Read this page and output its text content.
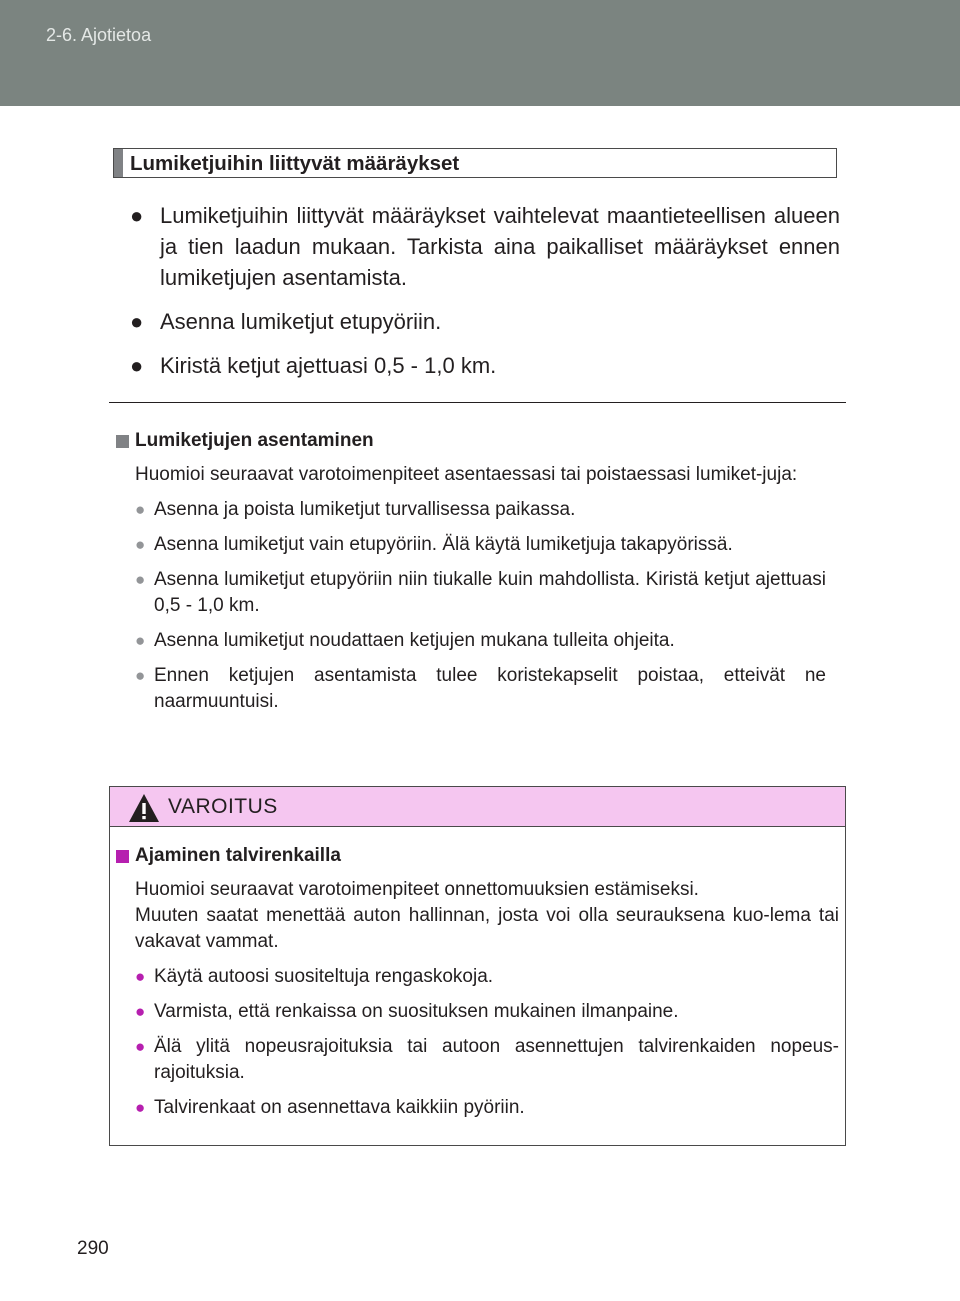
2-6. Ajotietoa
Lumiketjuihin liittyvät määräykset
● Lumiketjuihin liittyvät määräykset vaihtelevat maantieteellisen alueen ja tien laadun mukaan. Tarkista aina paikalliset määräykset ennen lumiketjujen asentamista.
● Asenna lumiketjut etupyöriin.
● Kiristä ketjut ajettuasi 0,5 - 1,0 km.
Lumiketjujen asentaminen
Huomioi seuraavat varotoimenpiteet asentaessasi tai poistaessasi lumiket-juja:
● Asenna ja poista lumiketjut turvallisessa paikassa.
● Asenna lumiketjut vain etupyöriin. Älä käytä lumiketjuja takapyörissä.
● Asenna lumiketjut etupyöriin niin tiukalle kuin mahdollista. Kiristä ketjut ajettuasi 0,5 - 1,0 km.
● Asenna lumiketjut noudattaen ketjujen mukana tulleita ohjeita.
● Ennen ketjujen asentamista tulee koristekapselit poistaa, etteivät ne naarmuuntuisi.
VAROITUS
Ajaminen talvirenkailla
Huomioi seuraavat varotoimenpiteet onnettomuuksien estämiseksi.
Muuten saatat menettää auton hallinnan, josta voi olla seurauksena kuo-lema tai vakavat vammat.
● Käytä autoosi suositeltuja rengaskokoja.
● Varmista, että renkaissa on suosituksen mukainen ilmanpaine.
● Älä ylitä nopeusrajoituksia tai autoon asennettujen talvirenkaiden nopeus-rajoituksia.
● Talvirenkaat on asennettava kaikkiin pyöriin.
290
